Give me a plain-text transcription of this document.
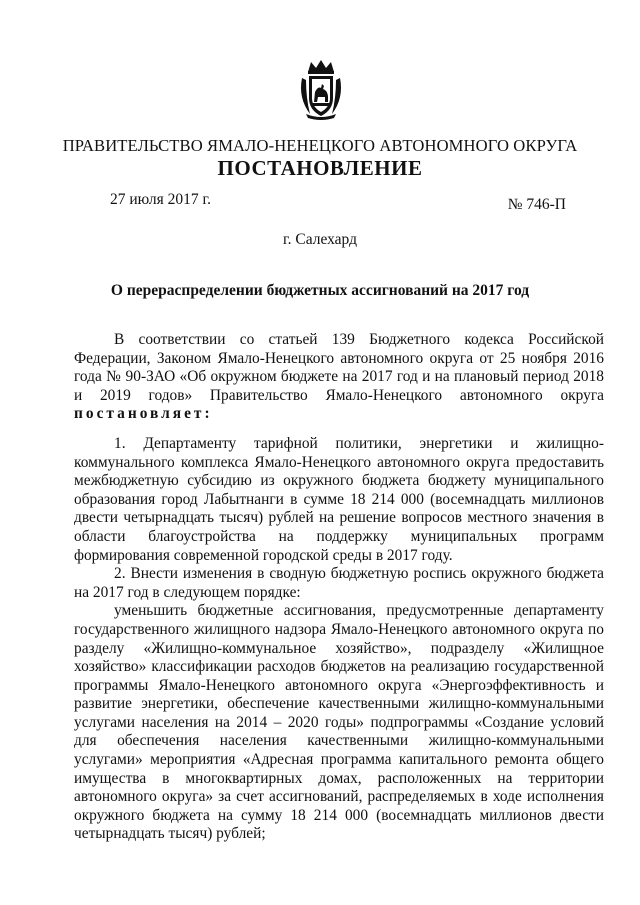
ПРАВИТЕЛЬСТВО ЯМАЛО-НЕНЕЦКОГО АВТОНОМНОГО ОКРУГА
ПОСТАНОВЛЕНИЕ
27 июля 2017 г.	№ 746-П
г. Салехард
О перераспределении бюджетных ассигнований на 2017 год

В соответствии со статьей 139 Бюджетного кодекса Российской Федерации, Законом Ямало-Ненецкого автономного округа от 25 ноября 2016 года № 90-ЗАО «Об окружном бюджете на 2017 год и на плановый период 2018 и 2019 годов» Правительство Ямало-Ненецкого автономного округа постановляет:

1. Департаменту тарифной политики, энергетики и жилищно-коммунального комплекса Ямало-Ненецкого автономного округа предоставить межбюджетную субсидию из окружного бюджета бюджету муниципального образования город Лабытнанги в сумме 18 214 000 (восемнадцать миллионов двести четырнадцать тысяч) рублей на решение вопросов местного значения в области благоустройства на поддержку муниципальных программ формирования современной городской среды в 2017 году.

2. Внести изменения в сводную бюджетную роспись окружного бюджета на 2017 год в следующем порядке:

уменьшить бюджетные ассигнования, предусмотренные департаменту государственного жилищного надзора Ямало-Ненецкого автономного округа по разделу «Жилищно-коммунальное хозяйство», подразделу «Жилищное хозяйство» классификации расходов бюджетов на реализацию государственной программы Ямало-Ненецкого автономного округа «Энергоэффективность и развитие энергетики, обеспечение качественными жилищно-коммунальными услугами населения на 2014 – 2020 годы» подпрограммы «Создание условий для обеспечения населения качественными жилищно-коммунальными услугами» мероприятия «Адресная программа капитального ремонта общего имущества в многоквартирных домах, расположенных на территории автономного округа» за счет ассигнований, распределяемых в ходе исполнения окружного бюджета на сумму 18 214 000 (восемнадцать миллионов двести четырнадцать тысяч) рублей;
